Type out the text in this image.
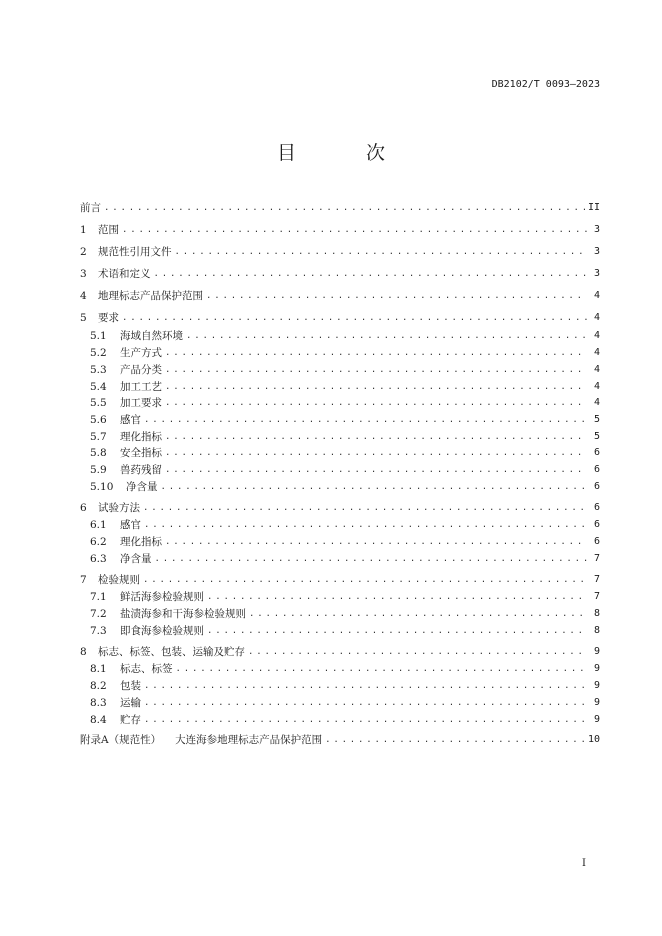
DB2102/T 0093—2023
目 次
前言 . . .	II
1	范围 . . .	3
2	规范性引用文件 . . .	3
3	术语和定义 . . .	3
4	地理标志产品保护范围 . . .	4
5	要求 . . .	4
5.1	海域自然环境 . . .	4
5.2	生产方式 . . .	4
5.3	产品分类 . . .	4
5.4	加工工艺 . . .	4
5.5	加工要求 . . .	4
5.6	感官 . . .	5
5.7	理化指标 . . .	5
5.8	安全指标 . . .	6
5.9	兽药残留 . . .	6
5.10	净含量 . . .	6
6	试验方法 . . .	6
6.1	感官 . . .	6
6.2	理化指标 . . .	6
6.3	净含量 . . .	7
7	检验规则 . . .	7
7.1	鲜活海参检验规则 . . .	7
7.2	盐渍海参和干海参检验规则 . . .	8
7.3	即食海参检验规则 . . .	8
8	标志、标签、包装、运输及贮存 . . .	9
8.1	标志、标签 . . .	9
8.2	包装 . . .	9
8.3	运输 . . .	9
8.4	贮存 . . .	9
附录A（规范性） 大连海参地理标志产品保护范围 . . .	10
I
